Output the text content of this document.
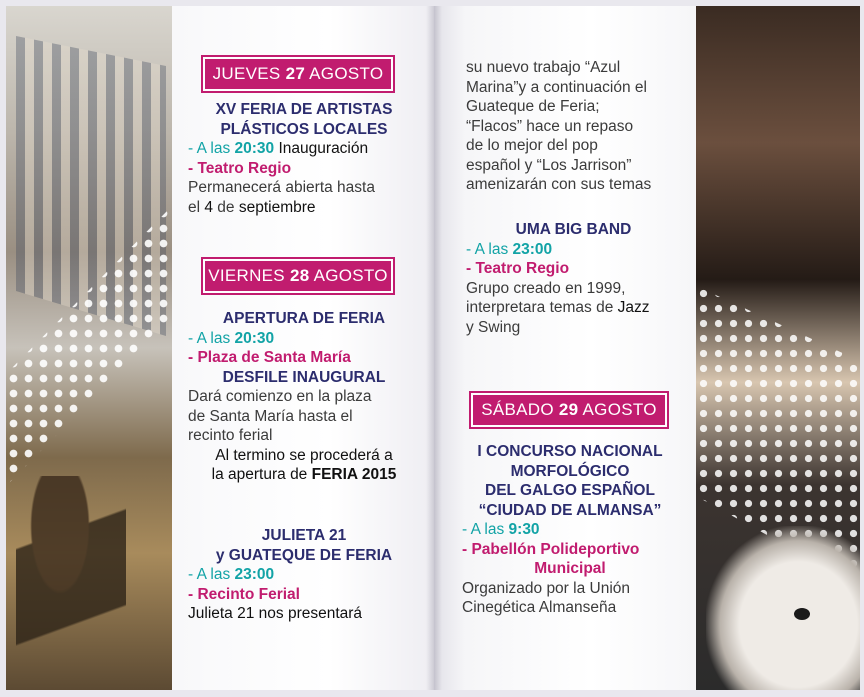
JUEVES 27 AGOSTO

XV FERIA DE ARTISTAS

PLÁSTICOS LOCALES

- A las 20:30 Inauguración

- Teatro Regio

Permanecerá abierta hasta

el 4 de septiembre

VIERNES 28 AGOSTO

APERTURA DE FERIA

- A las 20:30

- Plaza de Santa María

DESFILE INAUGURAL

Dará comienzo en la plaza

de Santa María hasta el

recinto ferial

Al termino se procederá a

la apertura de FERIA 2015

JULIETA 21

y GUATEQUE DE FERIA

- A las 23:00

- Recinto Ferial

Julieta 21 nos presentará

su nuevo trabajo “Azul

Marina”y a continuación el

Guateque de Feria;

“Flacos” hace un repaso

de lo mejor del pop

español y “Los Jarrison”

amenizarán con sus temas

UMA BIG BAND

- A las 23:00

- Teatro Regio

Grupo creado en 1999,

interpretara temas de Jazz

y Swing

SÁBADO 29 AGOSTO

I CONCURSO NACIONAL

MORFOLÓGICO

DEL GALGO ESPAÑOL

“CIUDAD DE ALMANSA”

- A las 9:30

- Pabellón Polideportivo

Municipal

Organizado por la Unión

Cinegética Almanseña
